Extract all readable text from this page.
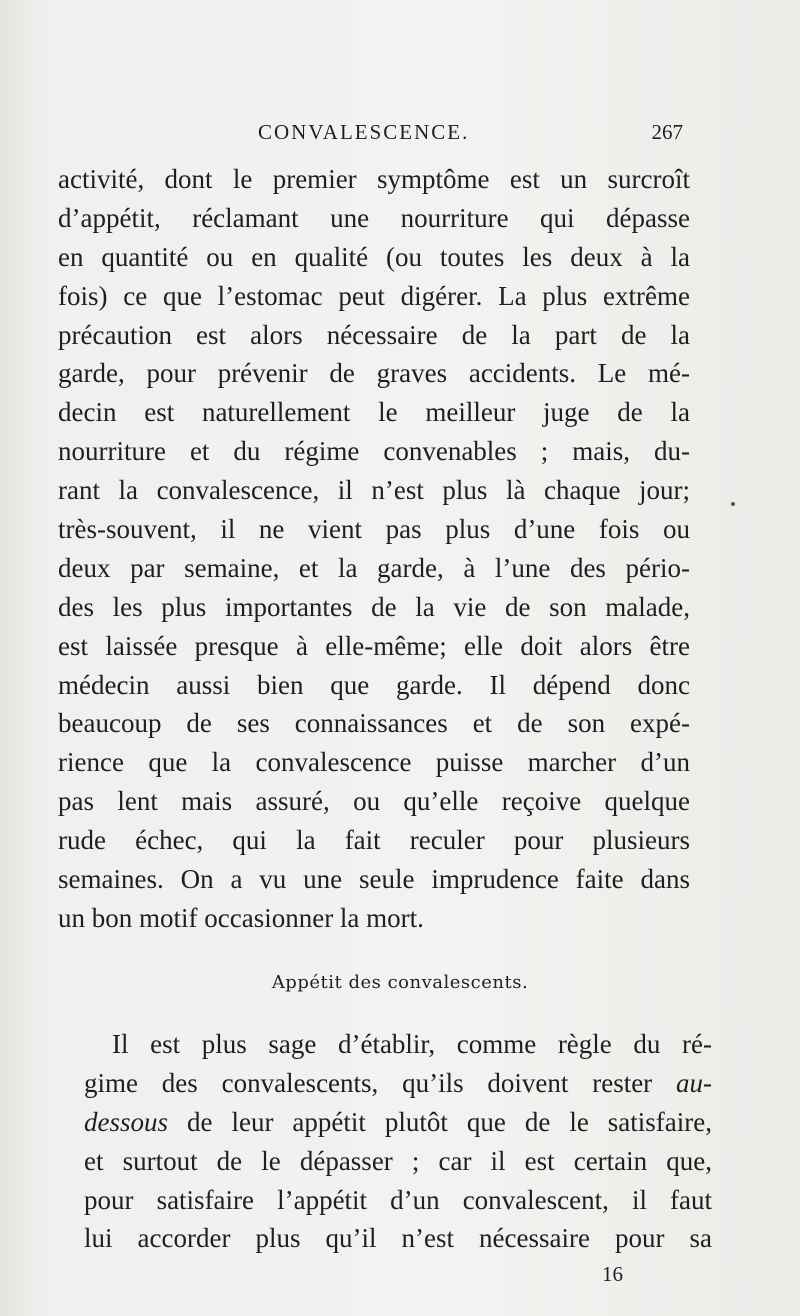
CONVALESCENCE.	267
activité, dont le premier symptôme est un surcroît
d’appétit, réclamant une nourriture qui dépasse
en quantité ou en qualité (ou toutes les deux à la
fois) ce que l’estomac peut digérer. La plus extrême
précaution est alors nécessaire de la part de la
garde, pour prévenir de graves accidents. Le mé-
decin est naturellement le meilleur juge de la
nourriture et du régime convenables ; mais, du-
rant la convalescence, il n’est plus là chaque jour;
très-souvent, il ne vient pas plus d’une fois ou
deux par semaine, et la garde, à l’une des pério-
des les plus importantes de la vie de son malade,
est laissée presque à elle-même; elle doit alors être
médecin aussi bien que garde. Il dépend donc
beaucoup de ses connaissances et de son expé-
rience que la convalescence puisse marcher d’un
pas lent mais assuré, ou qu’elle reçoive quelque
rude échec, qui la fait reculer pour plusieurs
semaines. On a vu une seule imprudence faite dans
un bon motif occasionner la mort.
Appétit des convalescents.
Il est plus sage d’établir, comme règle du ré-
gime des convalescents, qu’ils doivent rester au-
dessous de leur appétit plutôt que de le satisfaire,
et surtout de le dépasser ; car il est certain que,
pour satisfaire l’appétit d’un convalescent, il faut
lui accorder plus qu’il n’est nécessaire pour sa
16
